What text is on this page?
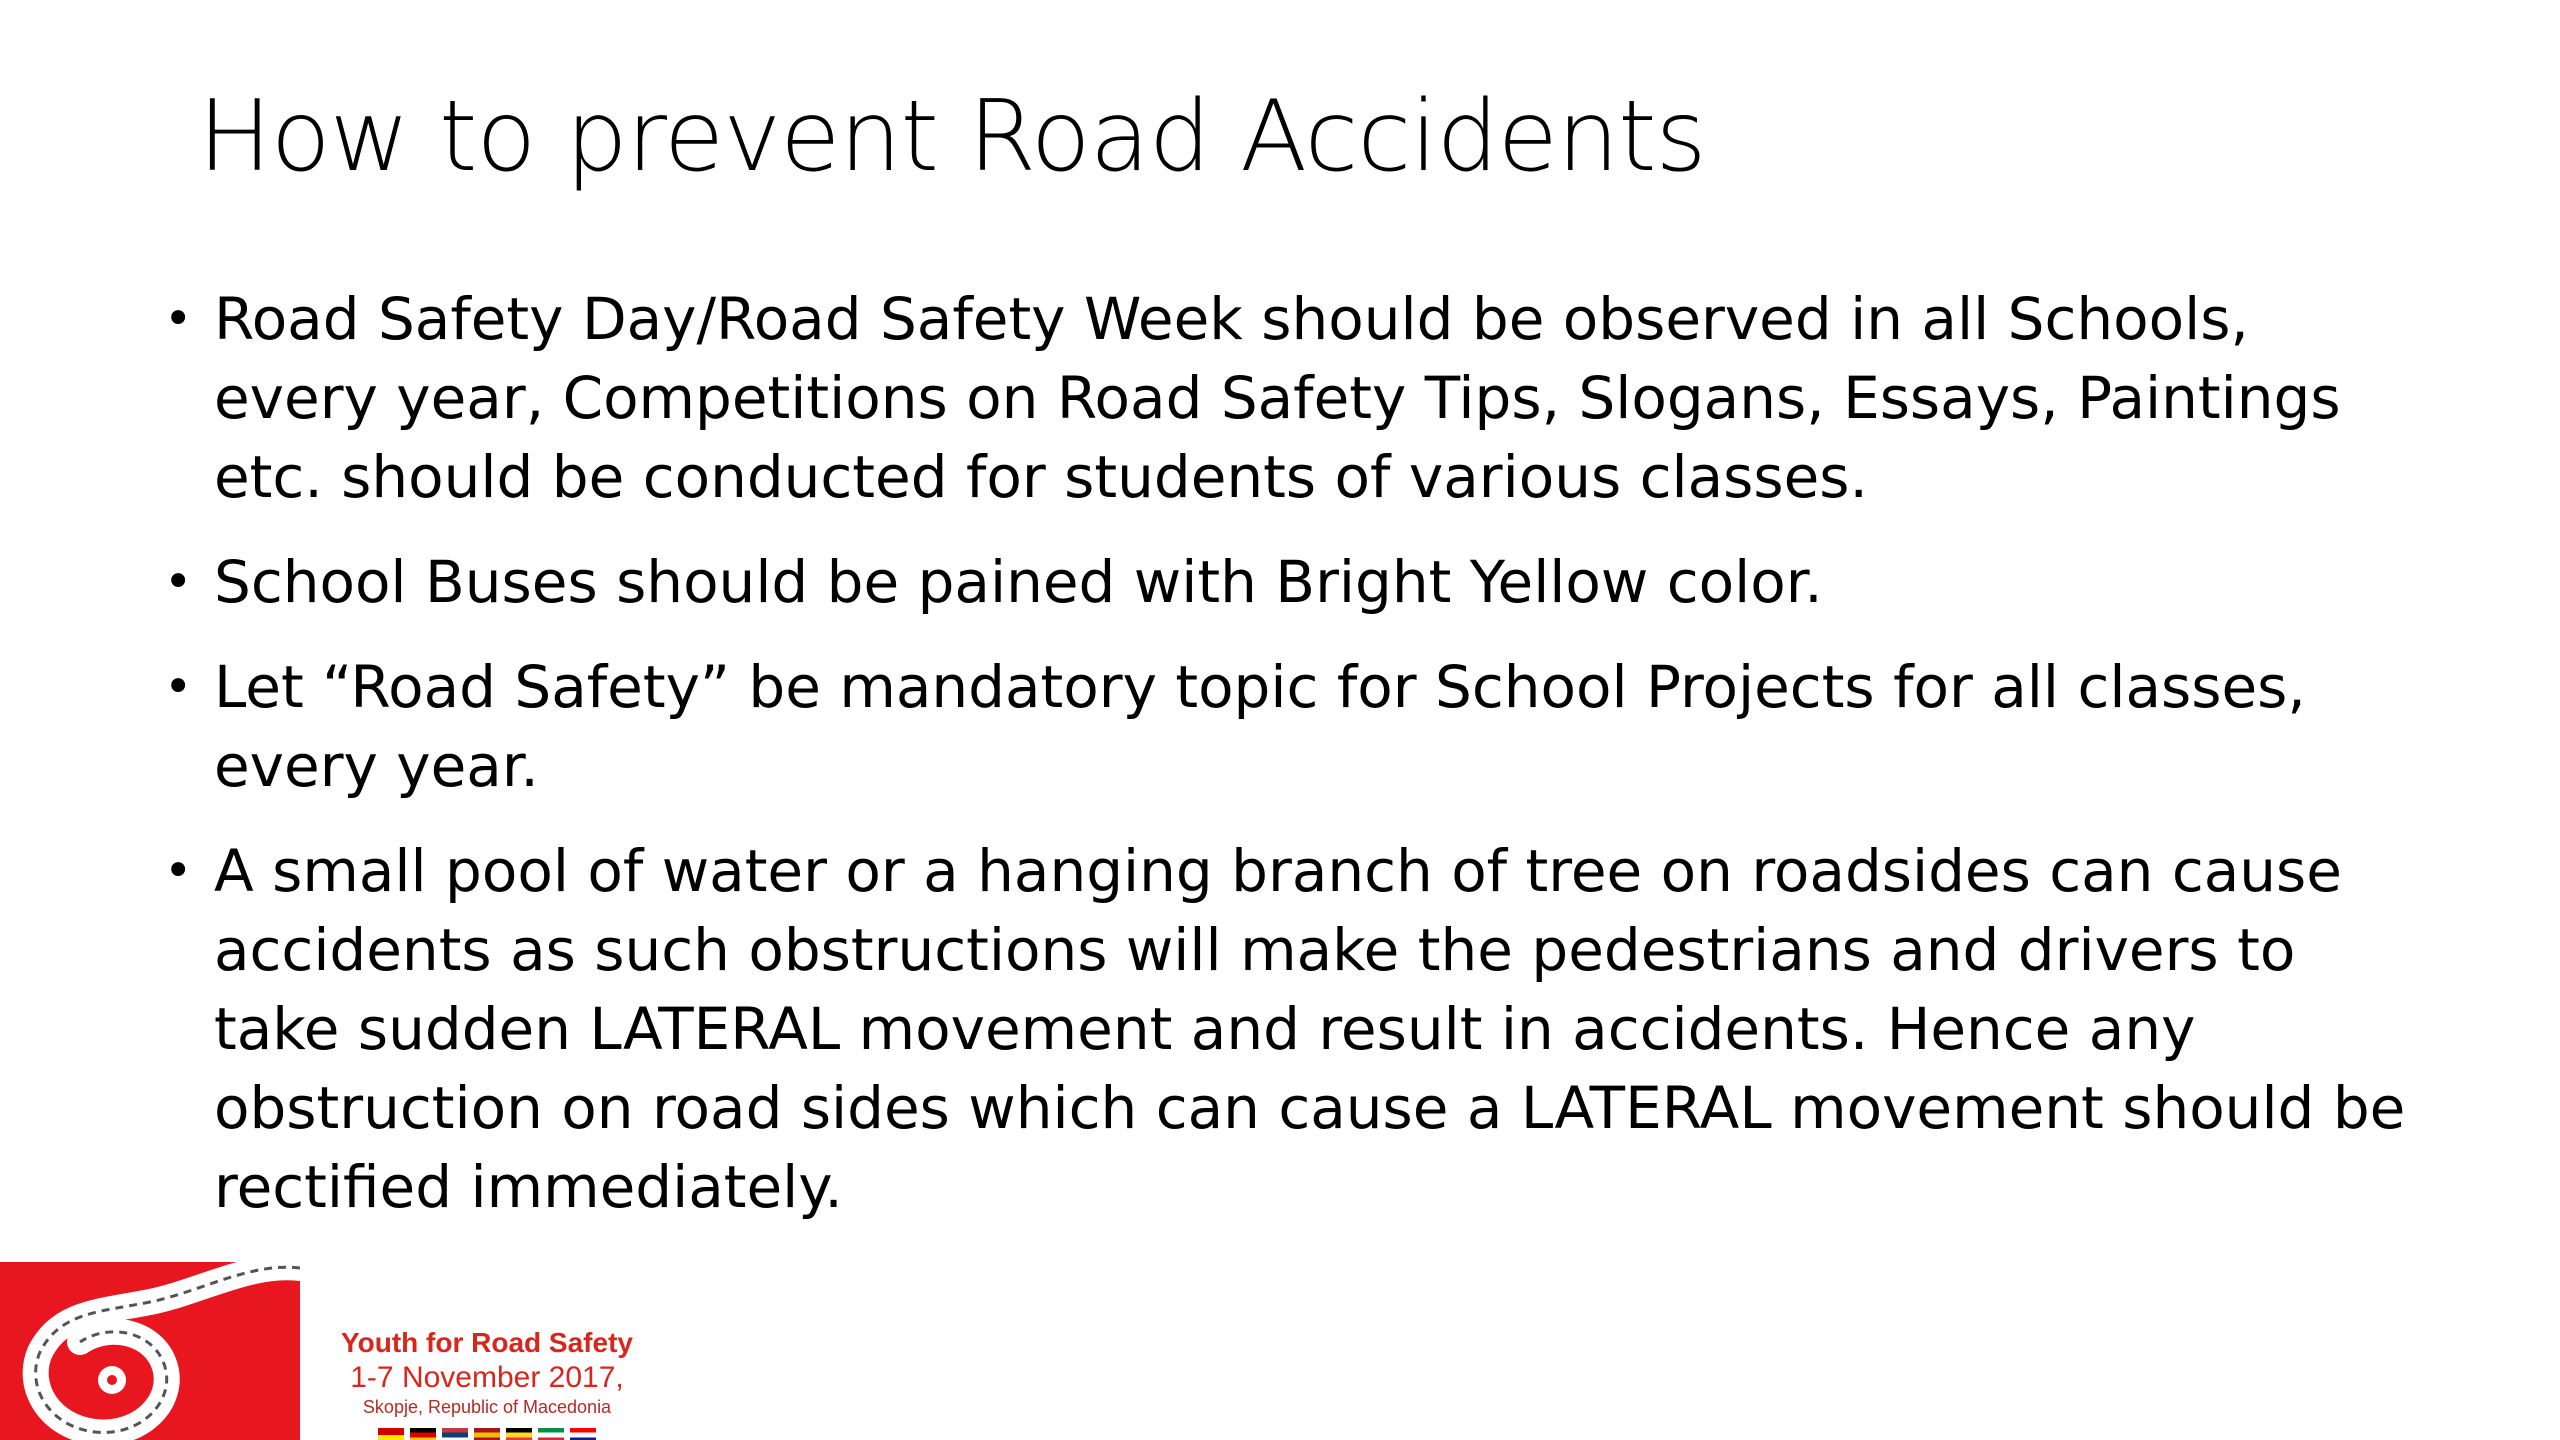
How to prevent Road Accidents
• Road Safety Day/Road Safety Week should be observed in all Schools, every year, Competitions on Road Safety Tips, Slogans, Essays, Paintings etc. should be conducted for students of various classes.
• School Buses should be pained with Bright Yellow color.
• Let “Road Safety” be mandatory topic for School Projects for all classes, every year.
• A small pool of water or a hanging branch of tree on roadsides can cause accidents as such obstructions will make the pedestrians and drivers to take sudden LATERAL movement and result in accidents. Hence any obstruction on road sides which can cause a LATERAL movement should be rectified immediately.
Youth for Road Safety
1-7 November 2017,
Skopje, Republic of Macedonia
